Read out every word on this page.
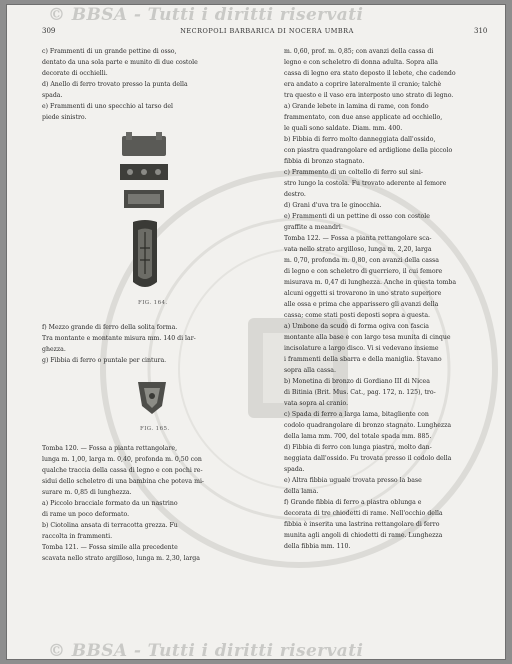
© BBSA - Tutti i diritti riservati
309	NECROPOLI BARBARICA DI NOCERA UMBRA	310

c) Frammenti di un grande pettine di osso,

dentato da una sola parte e munito di due costole

decorate di occhielli.

d) Anello di ferro trovato presso la punta della

spada.

e) Frammenti di uno specchio al tarso del

piede sinistro.

FIG. 164.

f) Mezzo grande di ferro della solita forma.

Tra montante e montante misura mm. 140 di lar-

ghezza.

g) Fibbia di ferro o puntale per cintura.

FIG. 165.

Tomba 120. — Fossa a pianta rettangolare,

lunga m. 1,00, larga m. 0,40, profonda m. 0,50 con

qualche traccia della cassa di legno e con pochi re-

sidui dello scheletro di una bambina che poteva mi-

surare m. 0,85 di lunghezza.

a) Piccolo bracciale formato da un nastrino

di rame un poco deformato.

b) Ciotolina ansata di terracotta grezza. Fu

raccolta in frammenti.

Tomba 121. — Fossa simile alla precedente

scavata nello strato argilloso, lunga m. 2,30, larga

m. 0,60, prof. m. 0,85; con avanzi della cassa di

legno e con scheletro di donna adulta. Sopra alla

cassa di legno era stato deposto il lebete, che cadendo

era andato a coprire lateralmente il cranio; talchè

tra questo e il vaso era interposto uno strato di legno.

a) Grande lebete in lamina di rame, con fondo

frammentato, con due anse applicate ad occhiello,

le quali sono saldate. Diam. mm. 400.

b) Fibbia di ferro molto danneggiata dall'ossido,

con piastra quadrangolare ed ardiglione della piccolo

fibbia di bronzo stagnato.

c) Frammento di un coltello di ferro sul sini-

stro lungo la costola. Fu trovato aderente al femore

destro.

d) Grani d'uva tra le ginocchia.

e) Frammenti di un pettine di osso con costole

graffite a meandri.

Tomba 122. — Fossa a pianta rettangolare sca-

vata nello strato argilloso, lunga m. 2,20, larga

m. 0,70, profonda m. 0,80, con avanzi della cassa

di legno e con scheletro di guerriero, il cui femore

misurava m. 0,47 di lunghezza. Anche in questa tomba

alcuni oggetti si trovarono in uno strato superiore

alle ossa e prima che apparissero gli avanzi della

cassa; come stati posti deposti sopra a questa.

a) Umbone da scudo di forma ogiva con fascia

montante alla base e con largo tesa munita di cinque

incisolature a largo disco. Vi si vedevano insieme

i frammenti della sbarra e della maniglia. Stavano

sopra alla cassa.

b) Monetina di bronzo di Gordiano III di Nicea

di Bitinia (Brit. Mus. Cat., pag. 172, n. 125), tro-

vata sopra al cranio.

c) Spada di ferro a larga lama, bitagliente con

codolo quadrangolare di bronzo stagnato. Lunghezza

della lama mm. 700, del totale spada mm. 885.

d) Fibbia di ferro con lunga piastra, molto dan-

neggiata dall'ossido. Fu trovata presso il codolo della

spada.

e) Altra fibbia uguale trovata presso la base

della lama.

f) Grande fibbia di ferro a piastra oblunga e

decorata di tre chiodetti di rame. Nell'occhio della

fibbia è inserita una lastrina rettangolare di ferro

munita agli angoli di chiodetti di rame. Lunghezza

della fibbia mm. 110.

© BBSA - Tutti i diritti riservati
